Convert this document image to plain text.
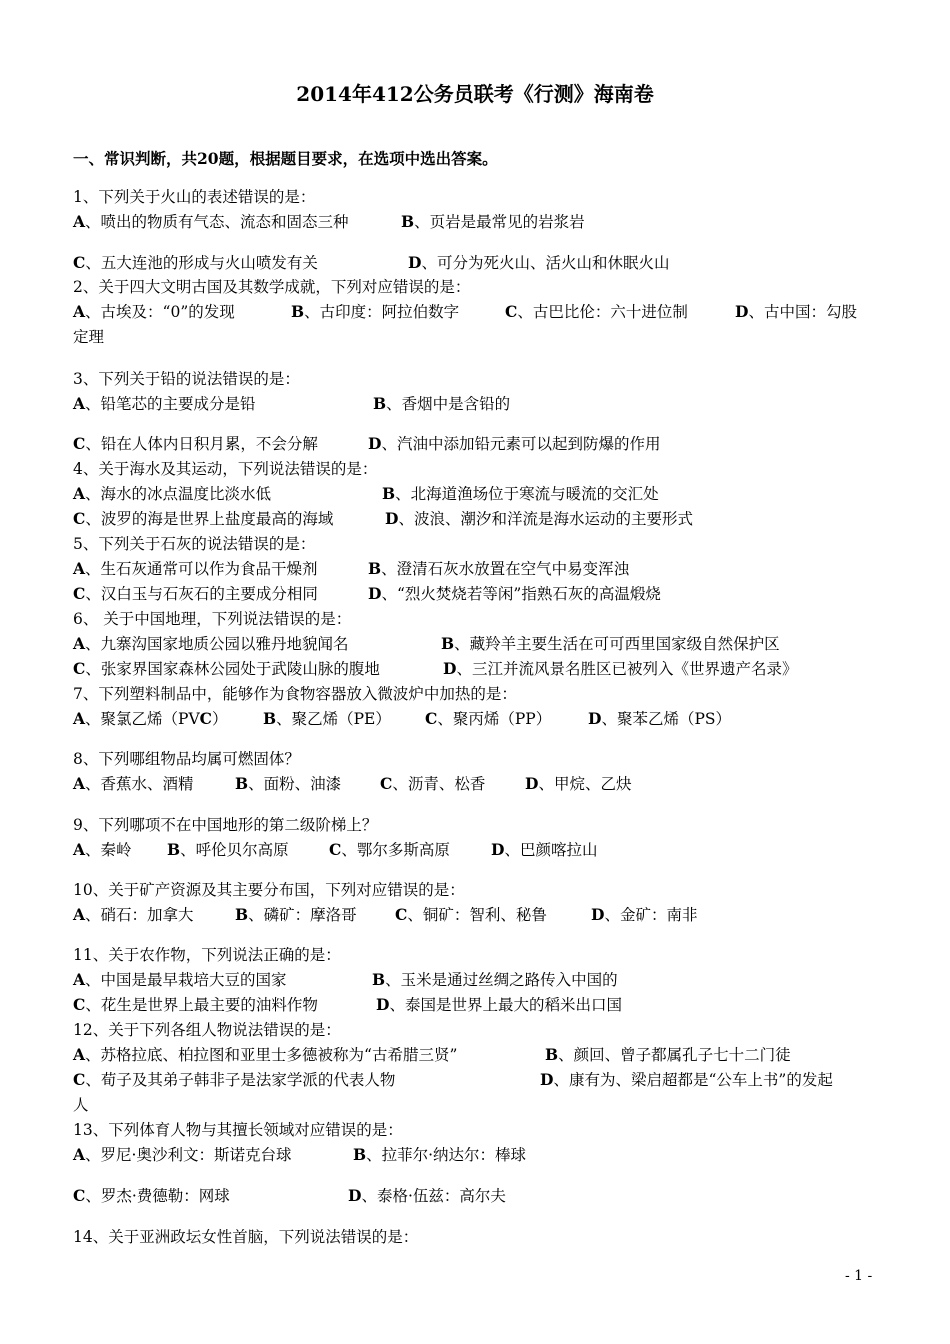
2014年412公务员联考《行测》海南卷
一、常识判断，共20题，根据题目要求，在选项中选出答案。
1、下列关于火山的表述错误的是：
A、喷出的物质有气态、流态和固态三种	B、页岩是最常见的岩浆岩
C、五大连池的形成与火山喷发有关	D、可分为死火山、活火山和休眠火山
2、关于四大文明古国及其数学成就，下列对应错误的是：
A、古埃及：“0”的发现	B、古印度：阿拉伯数字	C、古巴比伦：六十进位制	D、古中国：勾股
定理
3、下列关于铅的说法错误的是：
A、铅笔芯的主要成分是铅	B、香烟中是含铅的
C、铅在人体内日积月累，不会分解	D、汽油中添加铅元素可以起到防爆的作用
4、关于海水及其运动，下列说法错误的是：
A、海水的冰点温度比淡水低	B、北海道渔场位于寒流与暖流的交汇处
C、波罗的海是世界上盐度最高的海域	D、波浪、潮汐和洋流是海水运动的主要形式
5、下列关于石灰的说法错误的是：
A、生石灰通常可以作为食品干燥剂	B、澄清石灰水放置在空气中易变浑浊
C、汉白玉与石灰石的主要成分相同	D、“烈火焚烧若等闲”指熟石灰的高温煅烧
6、 关于中国地理，下列说法错误的是：
A、九寨沟国家地质公园以雅丹地貌闻名	B、藏羚羊主要生活在可可西里国家级自然保护区
C、张家界国家森林公园处于武陵山脉的腹地	D、三江并流风景名胜区已被列入《世界遗产名录》
7、下列塑料制品中，能够作为食物容器放入微波炉中加热的是：
A、聚氯乙烯（PVC） B、聚乙烯（PE） C、聚丙烯（PP） D、聚苯乙烯（PS）
8、下列哪组物品均属可燃固体？
A、香蕉水、酒精	B、面粉、油漆	C、沥青、松香	D、甲烷、乙炔
9、下列哪项不在中国地形的第二级阶梯上？
A、秦岭 B、呼伦贝尔高原	C、鄂尔多斯高原	D、巴颜喀拉山
10、关于矿产资源及其主要分布国，下列对应错误的是：
A、硝石：加拿大	B、磷矿：摩洛哥 C、铜矿：智利、秘鲁	D、金矿：南非
11、关于农作物，下列说法正确的是：
A、中国是最早栽培大豆的国家	B、玉米是通过丝绸之路传入中国的
C、花生是世界上最主要的油料作物	D、泰国是世界上最大的稻米出口国
12、关于下列各组人物说法错误的是：
A、苏格拉底、柏拉图和亚里士多德被称为“古希腊三贤”	B、颜回、曾子都属孔子七十二门徒
C、荀子及其弟子韩非子是法家学派的代表人物	D、康有为、梁启超都是“公车上书”的发起
人
13、下列体育人物与其擅长领域对应错误的是：
A、罗尼·奥沙利文：斯诺克台球	B、拉菲尔·纳达尔：棒球
C、罗杰·费德勒：网球	D、泰格·伍兹：高尔夫
14、关于亚洲政坛女性首脑，下列说法错误的是：
- 1 -
